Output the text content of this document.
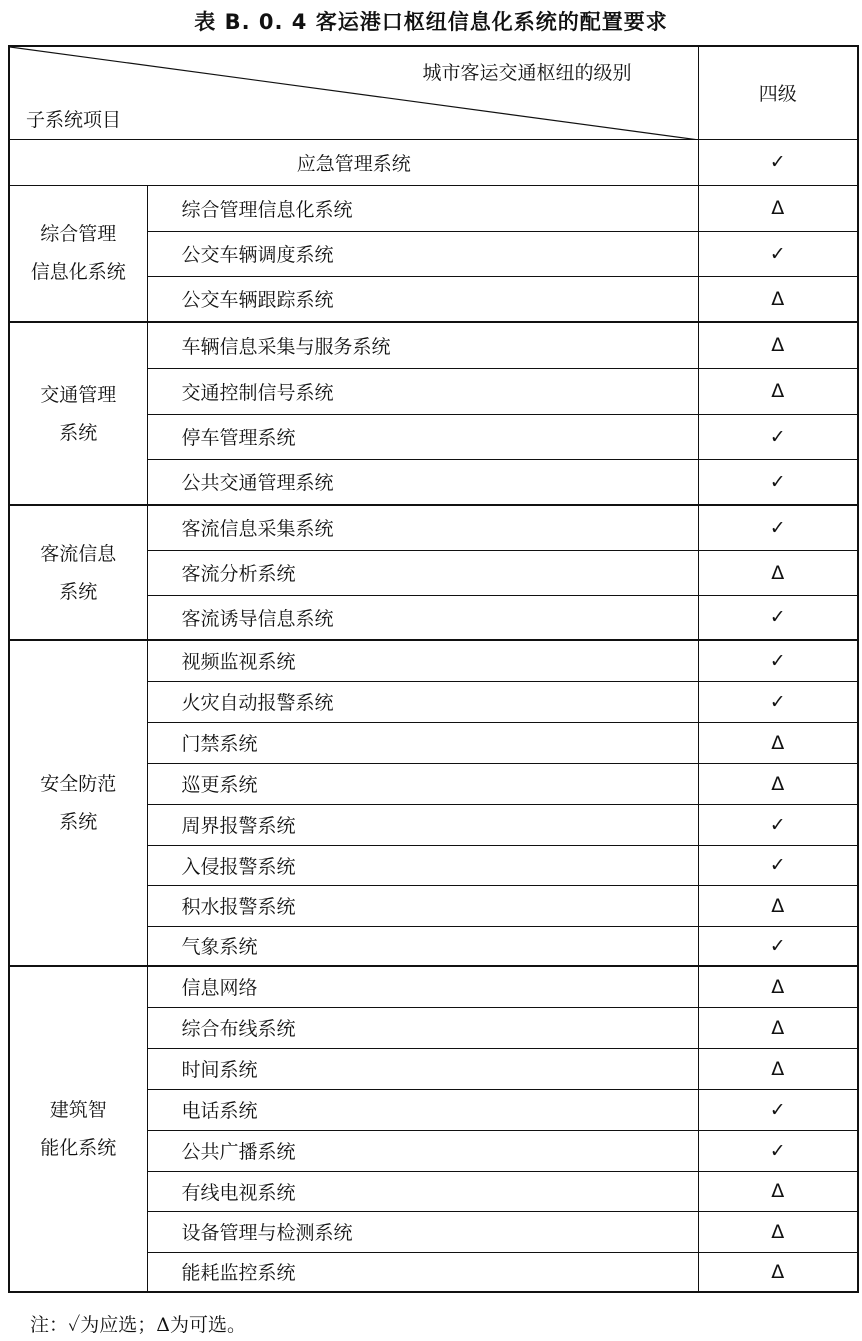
表 B. 0. 4 客运港口枢纽信息化系统的配置要求
城市客运交通枢纽的级别
子系统项目		四级
应急管理系统		✓

综合管理
信息化系统	综合管理信息化系统	Δ
	公交车辆调度系统	✓
	公交车辆跟踪系统	Δ

交通管理
系统	车辆信息采集与服务系统	Δ
	交通控制信号系统	Δ
	停车管理系统	✓
	公共交通管理系统	✓

客流信息
系统	客流信息采集系统	✓
	客流分析系统	Δ
	客流诱导信息系统	✓

安全防范
系统	视频监视系统	✓
	火灾自动报警系统	✓
	门禁系统	Δ
	巡更系统	Δ
	周界报警系统	✓
	入侵报警系统	✓
	积水报警系统	Δ
	气象系统	✓

建筑智
能化系统	信息网络	Δ
	综合布线系统	Δ
	时间系统	Δ
	电话系统	✓
	公共广播系统	✓
	有线电视系统	Δ
	设备管理与检测系统	Δ
	能耗监控系统	Δ
注：✓为应选；Δ为可选。
